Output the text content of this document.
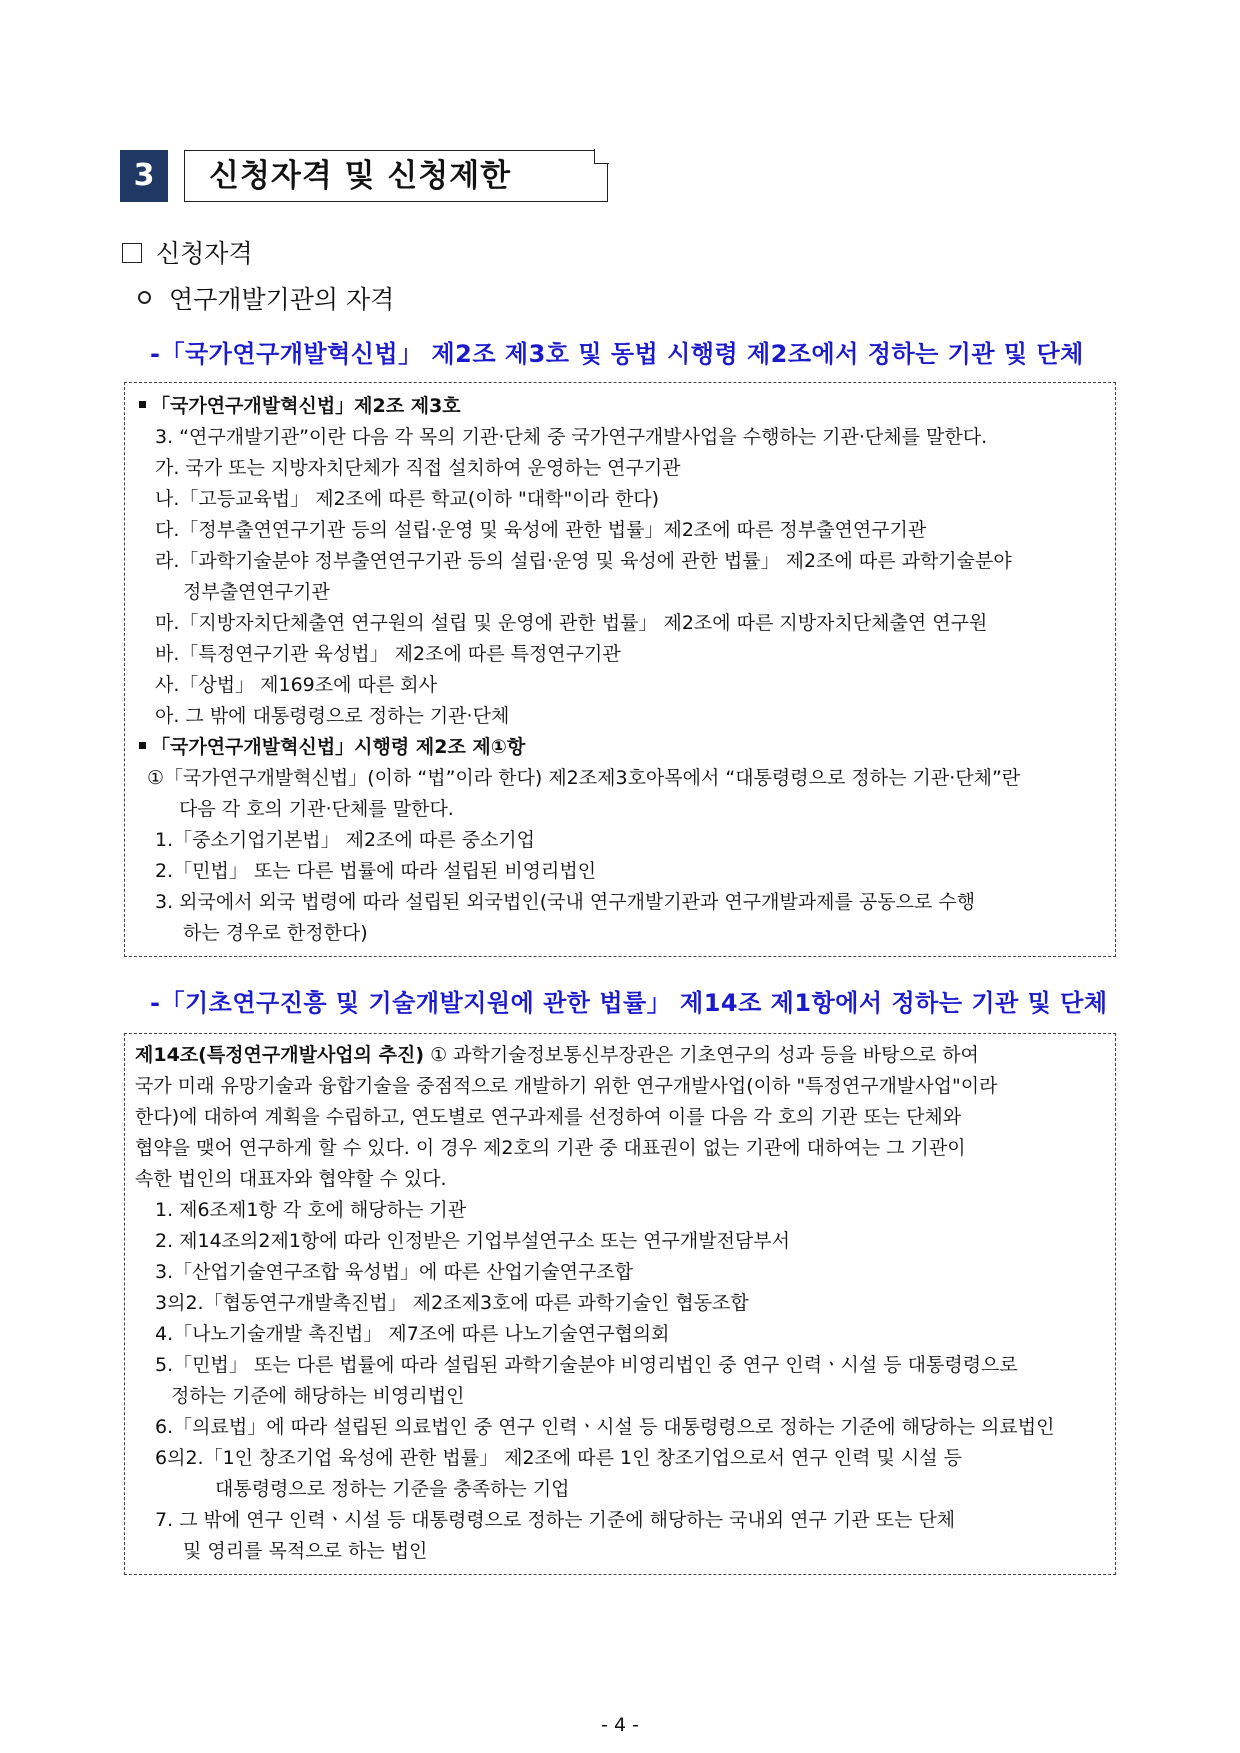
3	신청자격 및 신청제한
신청자격
연구개발기관의 자격
-「국가연구개발혁신법」 제2조 제3호 및 동법 시행령 제2조에서 정하는 기관 및 단체
「국가연구개발혁신법」제2조 제3호
3. “연구개발기관”이란 다음 각 목의 기관·단체 중 국가연구개발사업을 수행하는 기관·단체를 말한다.
가. 국가 또는 지방자치단체가 직접 설치하여 운영하는 연구기관
나.「고등교육법」 제2조에 따른 학교(이하 "대학"이라 한다)
다.「정부출연연구기관 등의 설립·운영 및 육성에 관한 법률」제2조에 따른 정부출연연구기관
라.「과학기술분야 정부출연연구기관 등의 설립·운영 및 육성에 관한 법률」 제2조에 따른 과학기술분야
정부출연연구기관
마.「지방자치단체출연 연구원의 설립 및 운영에 관한 법률」 제2조에 따른 지방자치단체출연 연구원
바.「특정연구기관 육성법」 제2조에 따른 특정연구기관
사.「상법」 제169조에 따른 회사
아. 그 밖에 대통령령으로 정하는 기관·단체
「국가연구개발혁신법」시행령 제2조 제①항
①「국가연구개발혁신법」(이하 “법”이라 한다) 제2조제3호아목에서 “대통령령으로 정하는 기관·단체”란
다음 각 호의 기관·단체를 말한다.
1.「중소기업기본법」 제2조에 따른 중소기업
2.「민법」 또는 다른 법률에 따라 설립된 비영리법인
3. 외국에서 외국 법령에 따라 설립된 외국법인(국내 연구개발기관과 연구개발과제를 공동으로 수행
하는 경우로 한정한다)
-「기초연구진흥 및 기술개발지원에 관한 법률」 제14조 제1항에서 정하는 기관 및 단체
제14조(특정연구개발사업의 추진) ① 과학기술정보통신부장관은 기초연구의 성과 등을 바탕으로 하여
국가 미래 유망기술과 융합기술을 중점적으로 개발하기 위한 연구개발사업(이하 "특정연구개발사업"이라
한다)에 대하여 계획을 수립하고, 연도별로 연구과제를 선정하여 이를 다음 각 호의 기관 또는 단체와
협약을 맺어 연구하게 할 수 있다. 이 경우 제2호의 기관 중 대표권이 없는 기관에 대하여는 그 기관이
속한 법인의 대표자와 협약할 수 있다.
1. 제6조제1항 각 호에 해당하는 기관
2. 제14조의2제1항에 따라 인정받은 기업부설연구소 또는 연구개발전담부서
3.「산업기술연구조합 육성법」에 따른 산업기술연구조합
3의2.「협동연구개발촉진법」 제2조제3호에 따른 과학기술인 협동조합
4.「나노기술개발 촉진법」 제7조에 따른 나노기술연구협의회
5.「민법」 또는 다른 법률에 따라 설립된 과학기술분야 비영리법인 중 연구 인력ㆍ시설 등 대통령령으로
정하는 기준에 해당하는 비영리법인
6.「의료법」에 따라 설립된 의료법인 중 연구 인력ㆍ시설 등 대통령령으로 정하는 기준에 해당하는 의료법인
6의2.「1인 창조기업 육성에 관한 법률」 제2조에 따른 1인 창조기업으로서 연구 인력 및 시설 등
대통령령으로 정하는 기준을 충족하는 기업
7. 그 밖에 연구 인력ㆍ시설 등 대통령령으로 정하는 기준에 해당하는 국내외 연구 기관 또는 단체
및 영리를 목적으로 하는 법인
- 4 -
